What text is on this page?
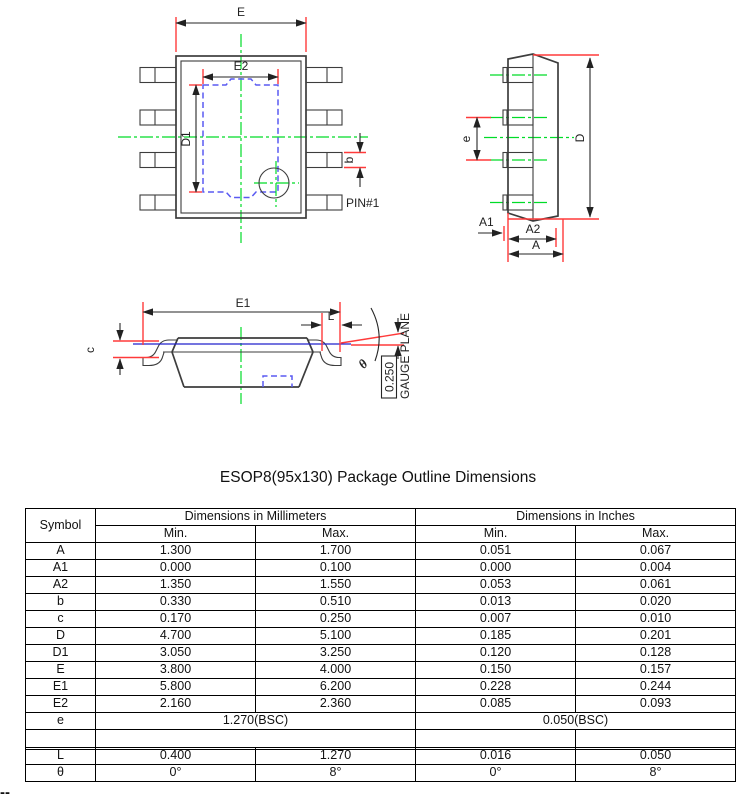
E
E2
D1
b
PIN#1
e	D
A1	A2
A
E1
L
c
θ 0.250 GAUGE PLANE
ESOP8(95x130) Package Outline Dimensions
Symbol	Dimensions in Millimeters		Dimensions in Inches	
	Min.	Max.	Min.	Max.
A	1.300	1.700	0.051	0.067
A1	0.000	0.100	0.000	0.004
A2	1.350	1.550	0.053	0.061
b	0.330	0.510	0.013	0.020
c	0.170	0.250	0.007	0.010
D	4.700	5.100	0.185	0.201
D1	3.050	3.250	0.120	0.128
E	3.800	4.000	0.150	0.157
E1	5.800	6.200	0.228	0.244
E2	2.160	2.360	0.085	0.093
e	1.270(BSC)		0.050(BSC)	

L	0.400	1.270	0.016	0.050
θ	0°	8°	0°	8°
--
